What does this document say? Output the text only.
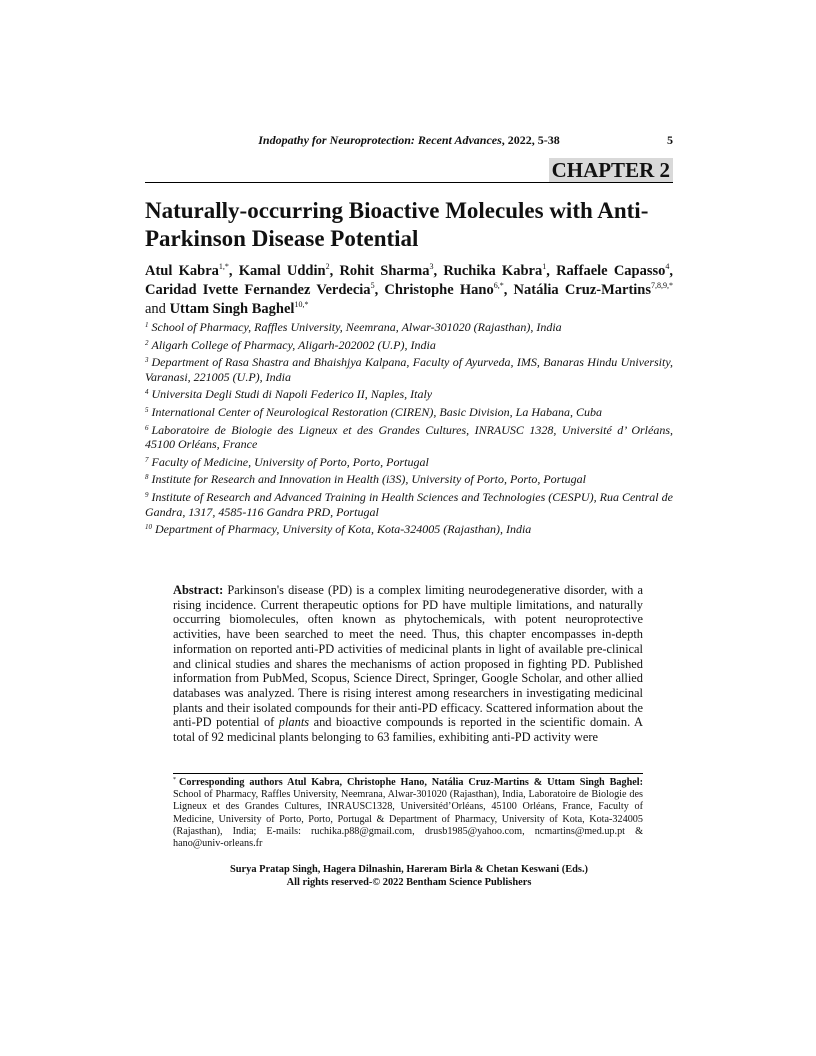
Indopathy for Neuroprotection: Recent Advances, 2022, 5-38	5
CHAPTER 2
Naturally-occurring Bioactive Molecules with Anti-Parkinson Disease Potential
Atul Kabra$^{1,*}$, Kamal Uddin$^2$, Rohit Sharma$^3$, Ruchika Kabra$^1$, Raffaele Capasso$^4$, Caridad Ivette Fernandez Verdecia$^5$, Christophe Hano$^{6,*}$, Natália Cruz-Martins$^{7,8,9,*}$ and Uttam Singh Baghel$^{10,*}$

$^1$ School of Pharmacy, Raffles University, Neemrana, Alwar-301020 (Rajasthan), India

$^2$ Aligarh College of Pharmacy, Aligarh-202002 (U.P), India

$^3$ Department of Rasa Shastra and Bhaishjya Kalpana, Faculty of Ayurveda, IMS, Banaras Hindu University, Varanasi, 221005 (U.P), India

$^4$ Universita Degli Studi di Napoli Federico II, Naples, Italy

$^5$ International Center of Neurological Restoration (CIREN), Basic Division, La Habana, Cuba

$^6$ Laboratoire de Biologie des Ligneux et des Grandes Cultures, INRAUSC 1328, Université d’ Orléans, 45100 Orléans, France

$^7$ Faculty of Medicine, University of Porto, Porto, Portugal

$^8$ Institute for Research and Innovation in Health (i3S), University of Porto, Porto, Portugal

$^9$ Institute of Research and Advanced Training in Health Sciences and Technologies (CESPU), Rua Central de Gandra, 1317, 4585-116 Gandra PRD, Portugal

$^{10}$ Department of Pharmacy, University of Kota, Kota-324005 (Rajasthan), India

Abstract: Parkinson's disease (PD) is a complex limiting neurodegenerative disorder, with a rising incidence. Current therapeutic options for PD have multiple limitations, and naturally occurring biomolecules, often known as phytochemicals, with potent neuroprotective activities, have been searched to meet the need. Thus, this chapter encompasses in-depth information on reported anti-PD activities of medicinal plants in light of available pre-clinical and clinical studies and shares the mechanisms of action proposed in fighting PD. Published information from PubMed, Scopus, Science Direct, Springer, Google Scholar, and other allied databases was analyzed. There is rising interest among researchers in investigating medicinal plants and their isolated compounds for their anti-PD efficacy. Scattered information about the anti-PD potential of plants and bioactive compounds is reported in the scientific domain. A total of 92 medicinal plants belonging to 63 families, exhibiting anti-PD activity were

* Corresponding authors Atul Kabra, Christophe Hano, Natália Cruz-Martins & Uttam Singh Baghel: School of Pharmacy, Raffles University, Neemrana, Alwar-301020 (Rajasthan), India, Laboratoire de Biologie des Ligneux et des Grandes Cultures, INRAUSC1328, Universitéd’Orléans, 45100 Orléans, France, Faculty of Medicine, University of Porto, Porto, Portugal & Department of Pharmacy, University of Kota, Kota-324005 (Rajasthan), India; E-mails: ruchika.p88@gmail.com, drusb1985@yahoo.com, ncmartins@med.up.pt & hano@univ-orleans.fr

Surya Pratap Singh, Hagera Dilnashin, Hareram Birla & Chetan Keswani (Eds.)
All rights reserved-© 2022 Bentham Science Publishers
